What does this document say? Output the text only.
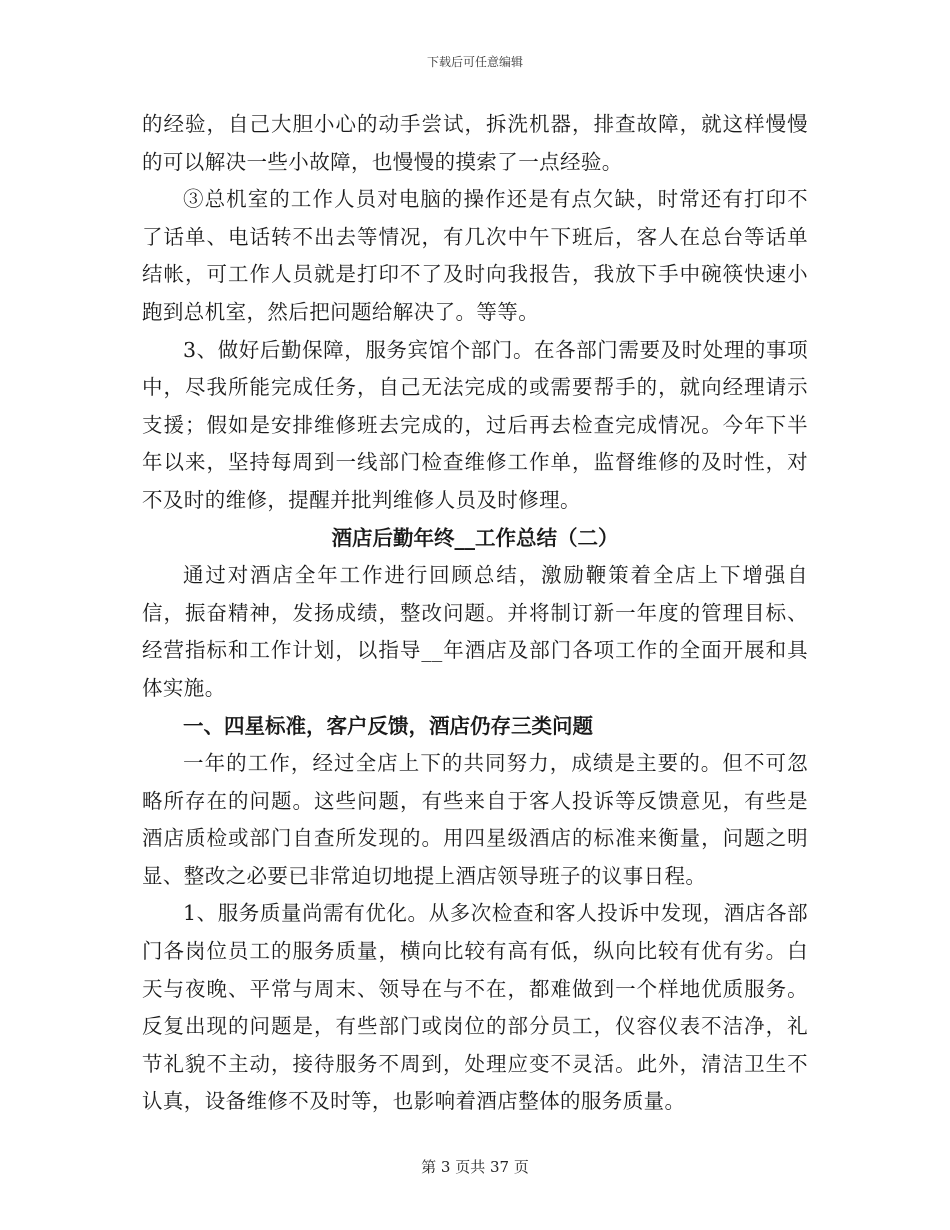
下载后可任意编辑

的经验，自己大胆小心的动手尝试，拆洗机器，排查故障，就这样慢慢的可以解决一些小故障，也慢慢的摸索了一点经验。

③总机室的工作人员对电脑的操作还是有点欠缺，时常还有打印不了话单、电话转不出去等情况，有几次中午下班后，客人在总台等话单结帐，可工作人员就是打印不了及时向我报告，我放下手中碗筷快速小跑到总机室，然后把问题给解决了。等等。

3、做好后勤保障，服务宾馆个部门。在各部门需要及时处理的事项中，尽我所能完成任务，自己无法完成的或需要帮手的，就向经理请示支援；假如是安排维修班去完成的，过后再去检查完成情况。今年下半年以来，坚持每周到一线部门检查维修工作单，监督维修的及时性，对不及时的维修，提醒并批判维修人员及时修理。

酒店后勤年终__工作总结（二）

通过对酒店全年工作进行回顾总结，激励鞭策着全店上下增强自信，振奋精神，发扬成绩，整改问题。并将制订新一年度的管理目标、经营指标和工作计划，以指导__年酒店及部门各项工作的全面开展和具体实施。

一、四星标准，客户反馈，酒店仍存三类问题

一年的工作，经过全店上下的共同努力，成绩是主要的。但不可忽略所存在的问题。这些问题，有些来自于客人投诉等反馈意见，有些是酒店质检或部门自查所发现的。用四星级酒店的标准来衡量，问题之明显、整改之必要已非常迫切地提上酒店领导班子的议事日程。

1、服务质量尚需有优化。从多次检查和客人投诉中发现，酒店各部门各岗位员工的服务质量，横向比较有高有低，纵向比较有优有劣。白天与夜晚、平常与周末、领导在与不在，都难做到一个样地优质服务。反复出现的问题是，有些部门或岗位的部分员工，仪容仪表不洁净，礼节礼貌不主动，接待服务不周到，处理应变不灵活。此外，清洁卫生不认真，设备维修不及时等，也影响着酒店整体的服务质量。

第 3 页共 37 页
